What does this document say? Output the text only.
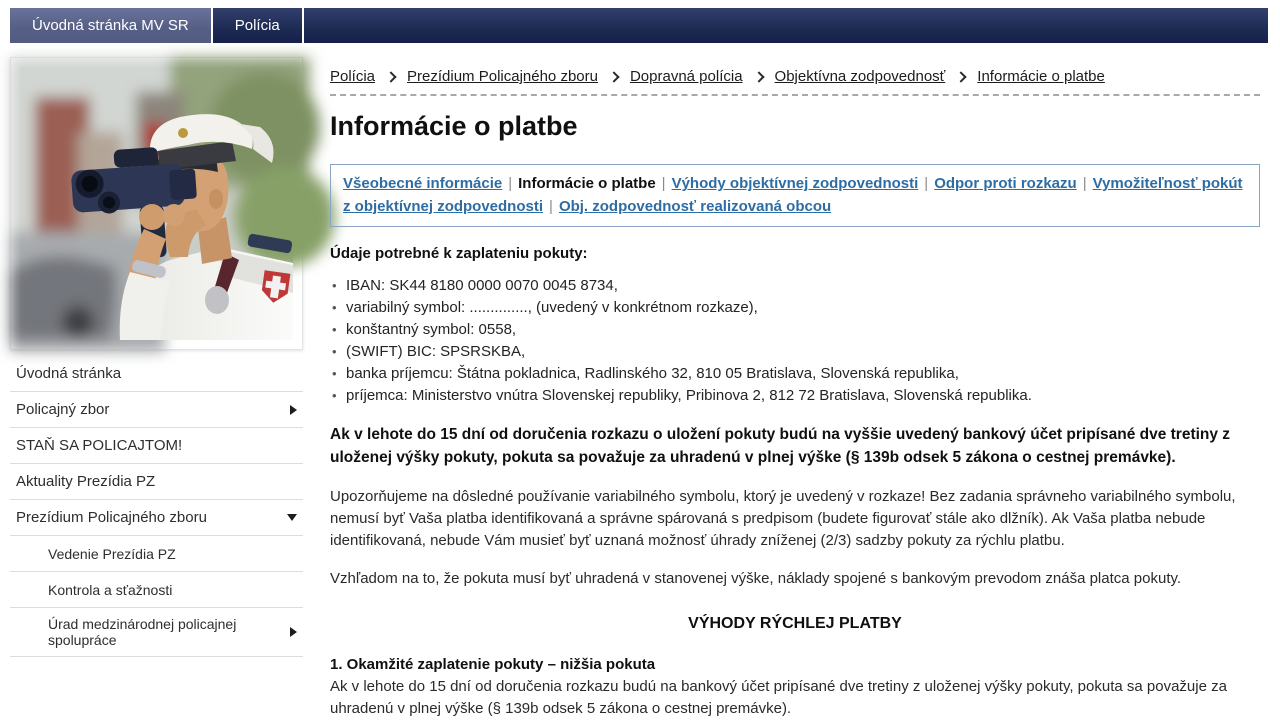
Úvodná stránka MV SR	Polícia
Úvodná stránka
Policajný zbor
STAŇ SA POLICAJTOM!
Aktuality Prezídia PZ
Prezídium Policajného zboru
Vedenie Prezídia PZ
Kontrola a sťažnosti
Úrad medzinárodnej policajnej spolupráce
Polícia Prezídium Policajného zboru Dopravná polícia Objektívna zodpovednosť Informácie o platbe
Informácie o platbe
Všeobecné informácie | Informácie o platbe | Výhody objektívnej zodpovednosti | Odpor proti rozkazu | Vymožiteľnosť pokút z objektívnej zodpovednosti | Obj. zodpovednosť realizovaná obcou

Údaje potrebné k zaplateniu pokuty:

• IBAN: SK44 8180 0000 0070 0045 8734,
• variabilný symbol: .............., (uvedený v konkrétnom rozkaze),
• konštantný symbol: 0558,
• (SWIFT) BIC: SPSRSKBA,
• banka príjemcu: Štátna pokladnica, Radlinského 32, 810 05 Bratislava, Slovenská republika,
• príjemca: Ministerstvo vnútra Slovenskej republiky, Pribinova 2, 812 72 Bratislava, Slovenská republika.

Ak v lehote do 15 dní od doručenia rozkazu o uložení pokuty budú na vyššie uvedený bankový účet pripísané dve tretiny z uloženej výšky pokuty, pokuta sa považuje za uhradenú v plnej výške (§ 139b odsek 5 zákona o cestnej premávke).

Upozorňujeme na dôsledné používanie variabilného symbolu, ktorý je uvedený v rozkaze! Bez zadania správneho variabilného symbolu, nemusí byť Vaša platba identifikovaná a správne spárovaná s predpisom (budete figurovať stále ako dlžník). Ak Vaša platba nebude identifikovaná, nebude Vám musieť byť uznaná možnosť úhrady zníženej (2/3) sadzby pokuty za rýchlu platbu.

Vzhľadom na to, že pokuta musí byť uhradená v stanovenej výške, náklady spojené s bankovým prevodom znáša platca pokuty.

VÝHODY RÝCHLEJ PLATBY

1. Okamžité zaplatenie pokuty – nižšia pokuta

Ak v lehote do 15 dní od doručenia rozkazu budú na bankový účet pripísané dve tretiny z uloženej výšky pokuty, pokuta sa považuje za uhradenú v plnej výške (§ 139b odsek 5 zákona o cestnej premávke).
